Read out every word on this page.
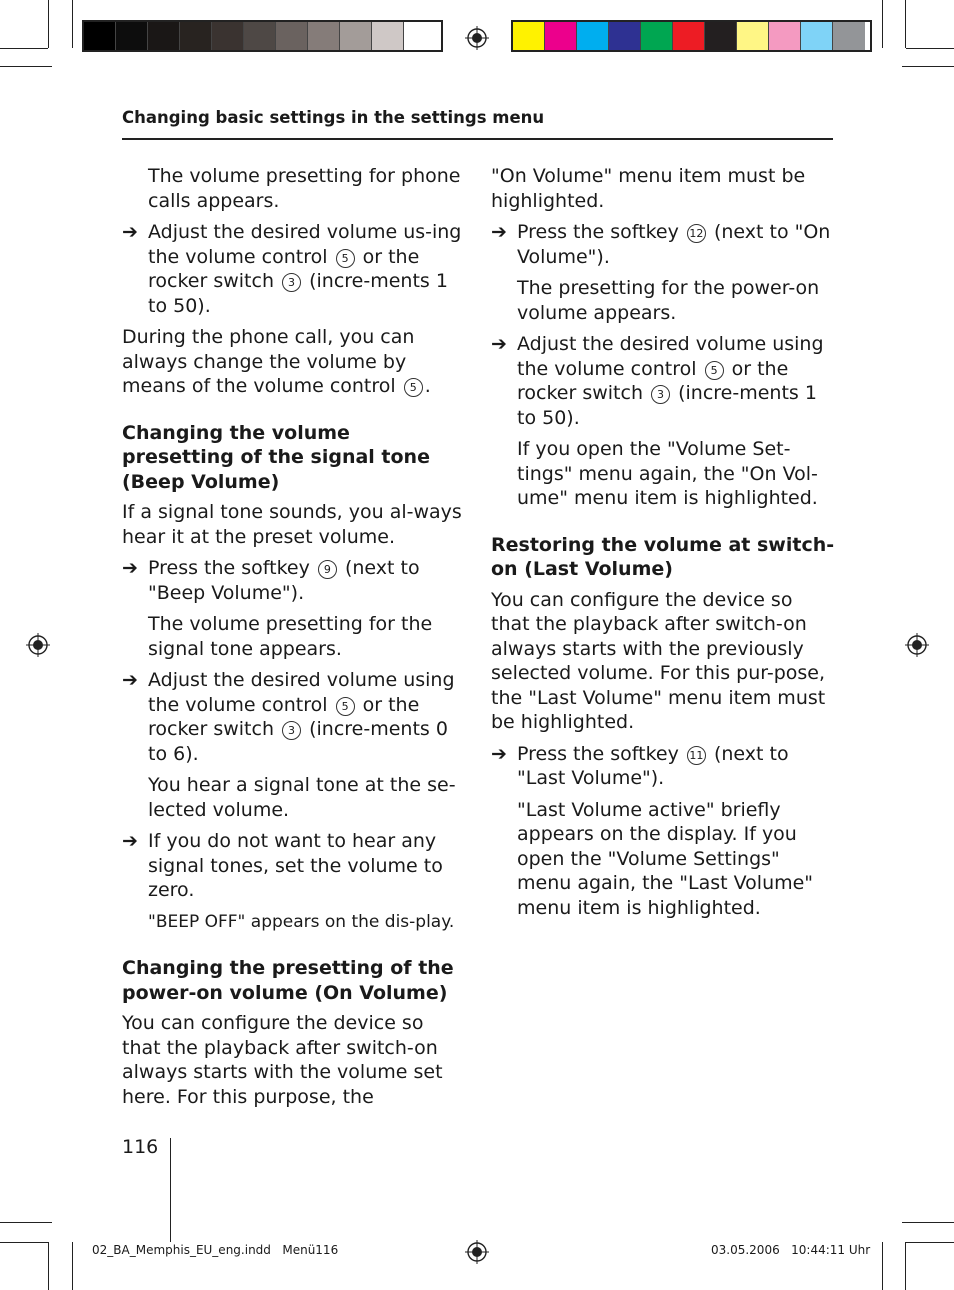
Changing basic settings in the settings menu
The volume presetting for phone calls appears.
➔ Adjust the desired volume us-ing the volume control 5 or the rocker switch 3 (incre-ments 1 to 50).
During the phone call, you can always change the volume by means of the volume control 5 .
Changing the volume presetting of the signal tone (Beep Volume)
If a signal tone sounds, you al-ways hear it at the preset volume.
➔ Press the softkey 9 (next to "Beep Volume").
The volume presetting for the signal tone appears.
➔ Adjust the desired volume using the volume control 5 or the rocker switch 3 (incre-ments 0 to 6).
You hear a signal tone at the se-lected volume.
➔ If you do not want to hear any signal tones, set the volume to zero.
"BEEP OFF" appears on the dis-play.
Changing the presetting of the power-on volume (On Volume)
You can configure the device so that the playback after switch-on always starts with the volume set here. For this purpose, the
"On Volume" menu item must be highlighted.
➔ Press the softkey 12 (next to "On Volume").
The presetting for the power-on volume appears.
➔ Adjust the desired volume using the volume control 5 or the rocker switch 3 (incre-ments 1 to 50).
If you open the "Volume Set-tings" menu again, the "On Vol-ume" menu item is highlighted.
Restoring the volume at switch-on (Last Volume)
You can configure the device so that the playback after switch-on always starts with the previously selected volume. For this pur-pose, the "Last Volume" menu item must be highlighted.
➔ Press the softkey 11 (next to "Last Volume").
"Last Volume active" briefly appears on the display. If you open the "Volume Settings" menu again, the "Last Volume" menu item is highlighted.
116
02_BA_Memphis_EU_eng.indd   Menü116	03.05.2006   10:44:11 Uhr
